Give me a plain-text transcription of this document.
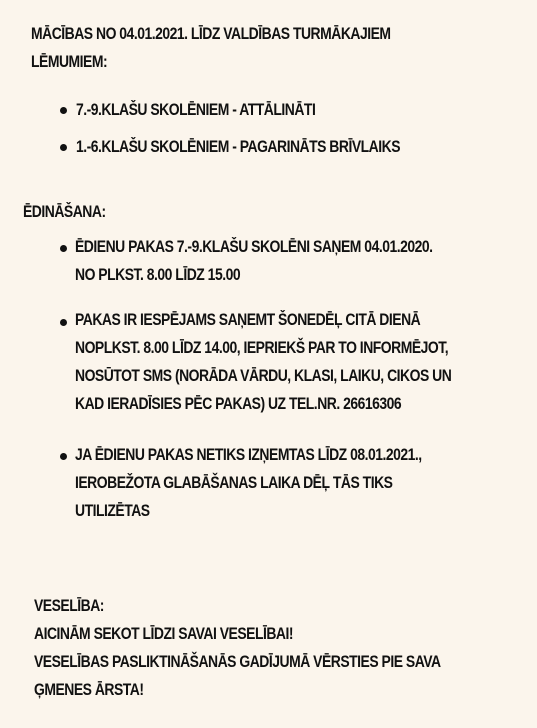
MĀCĪBAS NO 04.01.2021. LĪDZ VALDĪBAS TURMĀKAJIEM
LĒMUMIEM:
7.-9.KLAŠU SKOLĒNIEM - ATTĀLINĀTI
1.-6.KLAŠU SKOLĒNIEM - PAGARINĀTS BRĪVLAIKS
ĒDINĀŠANA:
ĒDIENU PAKAS 7.-9.KLAŠU SKOLĒNI SAŅEM 04.01.2020.
NO PLKST. 8.00 LĪDZ 15.00
PAKAS IR IESPĒJAMS SAŅEMT ŠONEDĒĻ CITĀ DIENĀ
NOPLKST. 8.00 LĪDZ 14.00, IEPRIEKŠ PAR TO INFORMĒJOT,
NOSŪTOT SMS (NORĀDA VĀRDU, KLASI, LAIKU, CIKOS UN
KAD IERADĪSIES PĒC PAKAS) UZ TEL.NR. 26616306
JA ĒDIENU PAKAS NETIKS IZŅEMTAS LĪDZ 08.01.2021.,
IEROBEŽOTA GLABĀŠANAS LAIKA DĒĻ TĀS TIKS
UTILIZĒTAS
VESELĪBA:
AICINĀM SEKOT LĪDZI SAVAI VESELĪBAI!
VESELĪBAS PASLIKTINĀŠANĀS GADĪJUMĀ VĒRSTIES PIE SAVA
ĢMENES ĀRSTA!
